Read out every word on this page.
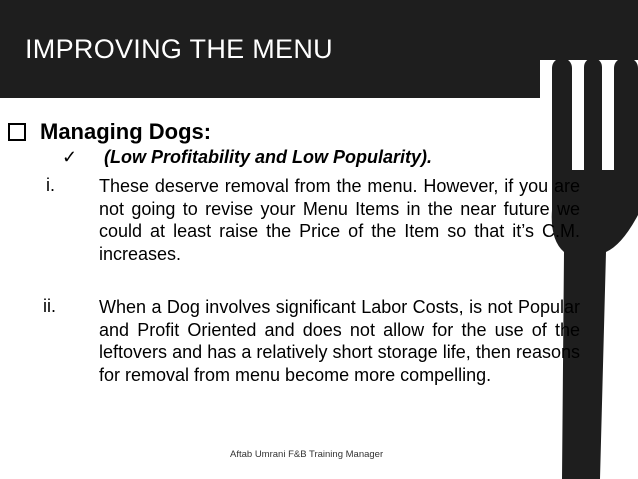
IMPROVING THE MENU
Managing Dogs:
✓	(Low Profitability and Low Popularity).
i. These deserve removal from the menu. However, if you are not going to revise your Menu Items in the near future we could at least raise the Price of the Item so that it’s C.M. increases.
ii. When a Dog involves significant Labor Costs, is not Popular and Profit Oriented and does not allow for the use of the leftovers and has a relatively short storage life, then reasons for removal from menu become more compelling.
Aftab Umrani F&B Training Manager
